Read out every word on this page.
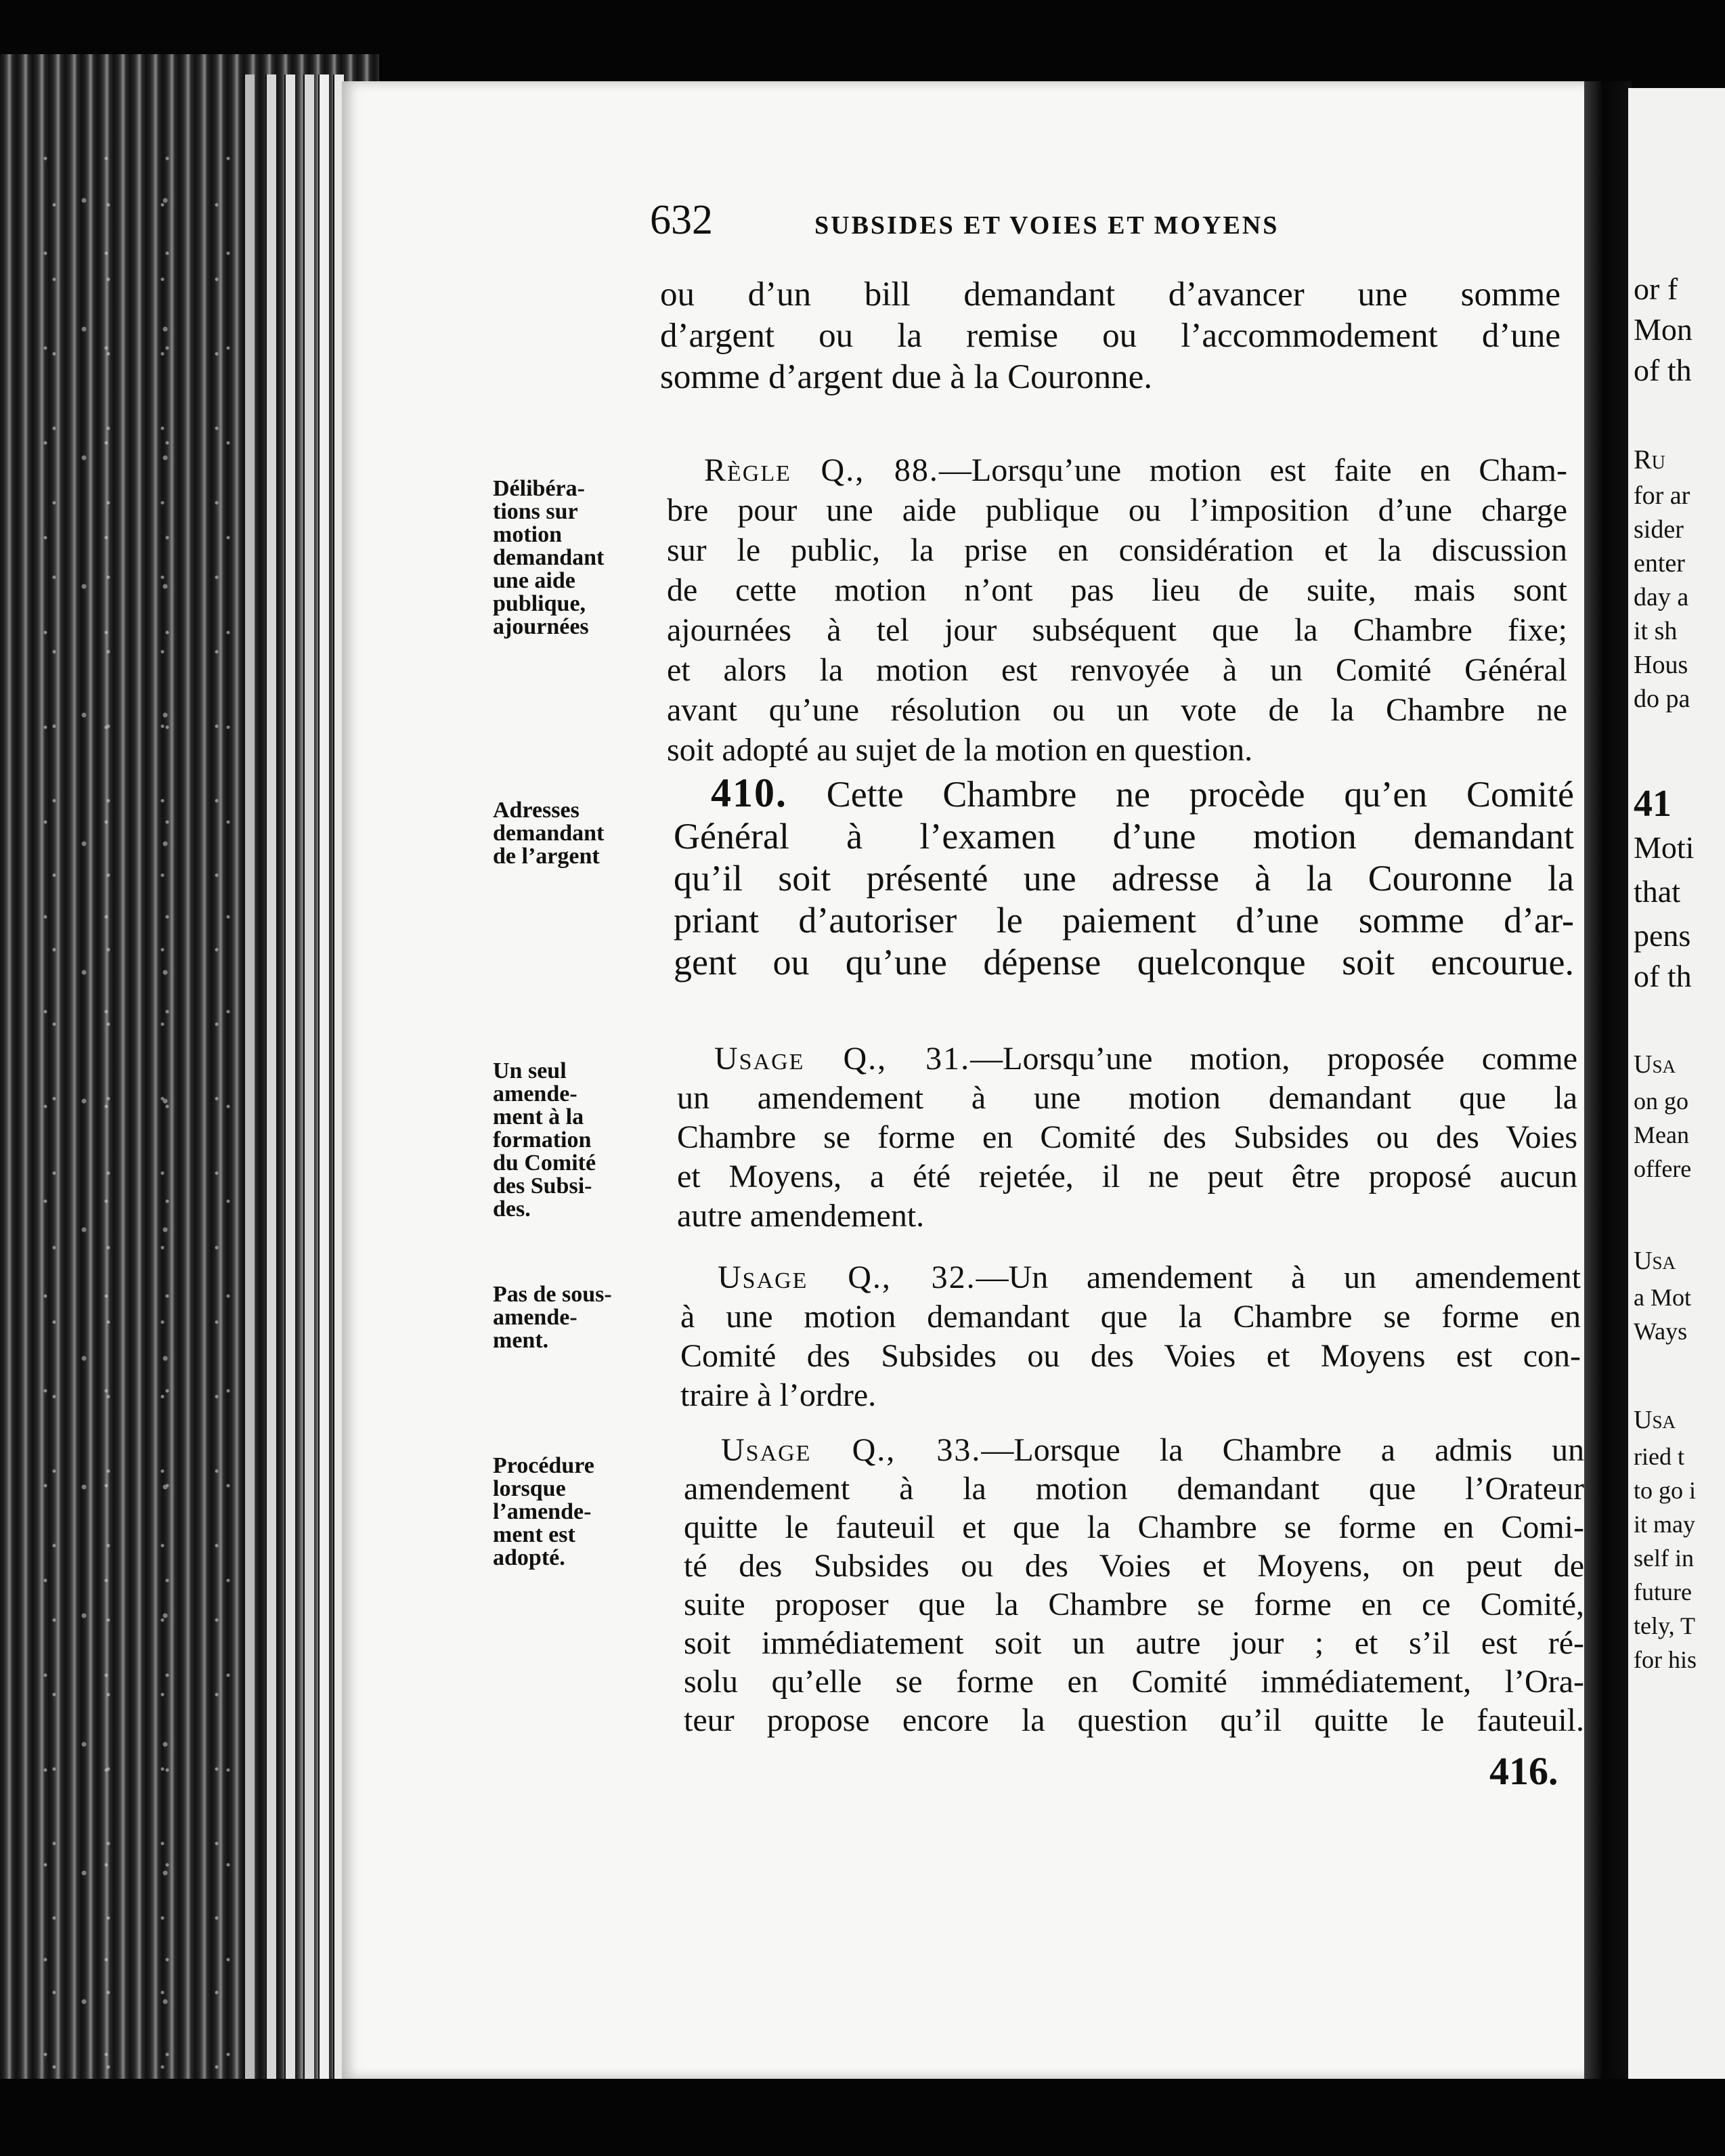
632	SUBSIDES ET VOIES ET MOYENS
ou d’un bill demandant d’avancer une somme
d’argent ou la remise ou l’accommodement d’une
somme d’argent due à la Couronne.
Délibéra-
tions sur
motion
demandant
une aide
publique,
ajournées
Règle Q., 88.—Lorsqu’une motion est faite en Cham-
bre pour une aide publique ou l’imposition d’une charge
sur le public, la prise en considération et la discussion
de cette motion n’ont pas lieu de suite, mais sont
ajournées à tel jour subséquent que la Chambre fixe;
et alors la motion est renvoyée à un Comité Général
avant qu’une résolution ou un vote de la Chambre ne
soit adopté au sujet de la motion en question.
Adresses
demandant
de l’argent
410. Cette Chambre ne procède qu’en Comité
Général à l’examen d’une motion demandant
qu’il soit présenté une adresse à la Couronne la
priant d’autoriser le paiement d’une somme d’ar-
gent ou qu’une dépense quelconque soit encourue.
Un seul
amende-
ment à la
formation
du Comité
des Subsi-
des.
Usage Q., 31.—Lorsqu’une motion, proposée comme
un amendement à une motion demandant que la
Chambre se forme en Comité des Subsides ou des Voies
et Moyens, a été rejetée, il ne peut être proposé aucun
autre amendement.
Pas de sous-
amende-
ment.
Usage Q., 32.—Un amendement à un amendement
à une motion demandant que la Chambre se forme en
Comité des Subsides ou des Voies et Moyens est con-
traire à l’ordre.
Procédure
lorsque
l’amende-
ment est
adopté.
Usage Q., 33.—Lorsque la Chambre a admis un
amendement à la motion demandant que l’Orateur
quitte le fauteuil et que la Chambre se forme en Comi-
té des Subsides ou des Voies et Moyens, on peut de
suite proposer que la Chambre se forme en ce Comité,
soit immédiatement soit un autre jour ; et s’il est ré-
solu qu’elle se forme en Comité immédiatement, l’Ora-
teur propose encore la question qu’il quitte le fauteuil.
416.
or f
Mon
of th
Ru
for ar
sider
enter
day a
it sh
Hous
do pa
41
Moti
that
pens
of th
Usa
on go
Mean
offere
Usa
a Mot
Ways
Usa
ried t
to go i
it may
self in
future
tely, T
for his
